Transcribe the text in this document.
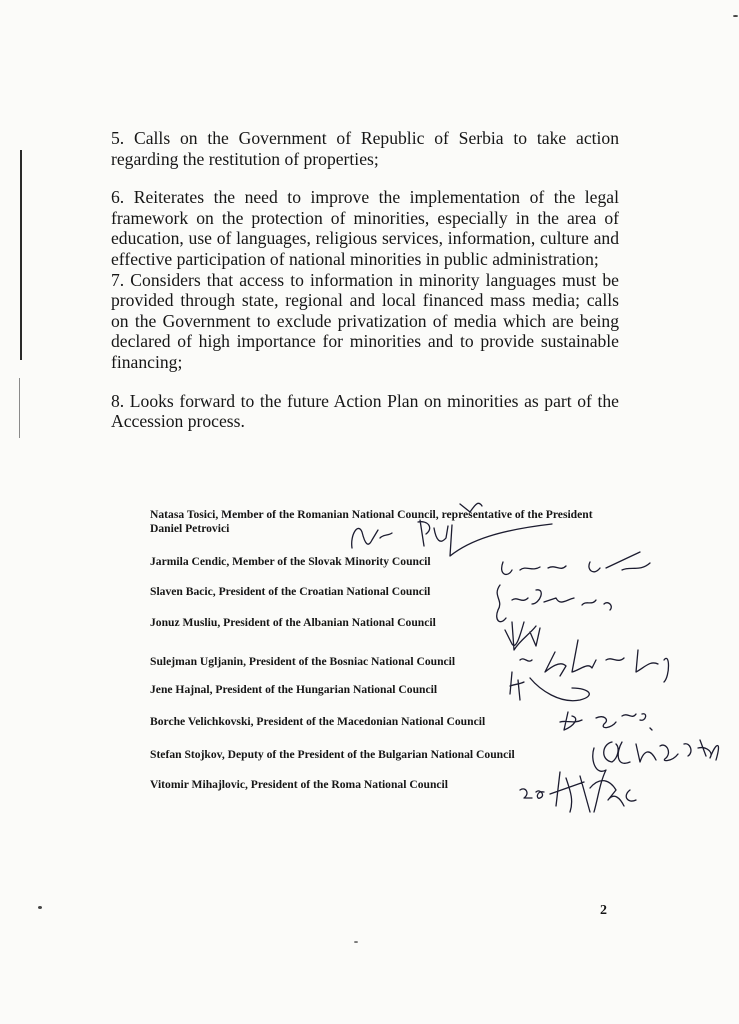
5. Calls on the Government of Republic of Serbia to take action regarding the restitution of properties;

6. Reiterates the need to improve the implementation of the legal framework on the protection of minorities, especially in the area of education, use of languages, religious services, information, culture and effective participation of national minorities in public administration;

7. Considers that access to information in minority languages must be provided through state, regional and local financed mass media; calls on the Government to exclude privatization of media which are being declared of high importance for minorities and to provide sustainable financing;

8. Looks forward to the future Action Plan on minorities as part of the Accession process.

Natasa Tosici, Member of the Romanian National Council, representative of the President Daniel Petrovici
Jarmila Cendic, Member of the Slovak Minority Council
Slaven Bacic, President of the Croatian National Council
Jonuz Musliu, President of the Albanian National Council
Sulejman Ugljanin, President of the Bosniac National Council
Jene Hajnal, President of the Hungarian National Council
Borche Velichkovski, President of the Macedonian National Council
Stefan Stojkov, Deputy of the President of the Bulgarian National Council
Vitomir Mihajlovic, President of the Roma National Council
2
